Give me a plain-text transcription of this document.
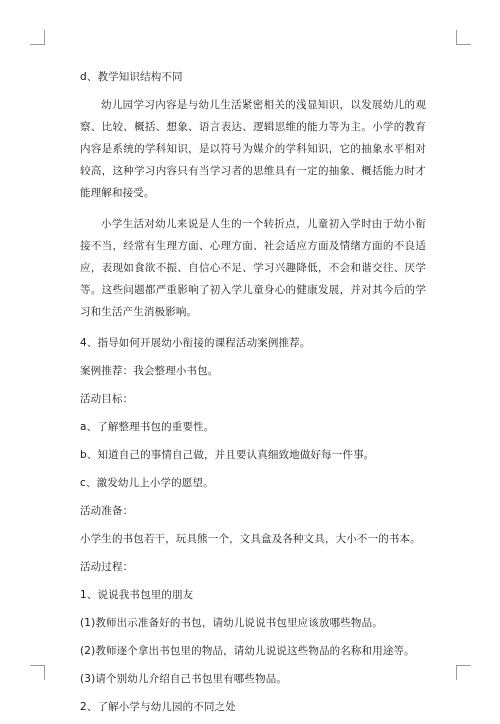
d、教学知识结构不同

幼儿园学习内容是与幼儿生活紧密相关的浅显知识，以发展幼儿的观察、比较、概括、想象、语言表达、逻辑思维的能力等为主。小学的教育内容是系统的学科知识，是以符号为媒介的学科知识，它的抽象水平相对较高，这种学习内容只有当学习者的思维具有一定的抽象、概括能力时才能理解和接受。

小学生活对幼儿来说是人生的一个转折点，儿童初入学时由于幼小衔接不当，经常有生理方面、心理方面、社会适应方面及情绪方面的不良适应，表现如食欲不振、自信心不足、学习兴趣降低，不会和谐交往、厌学等。这些问题都严重影响了初入学儿童身心的健康发展，并对其今后的学习和生活产生消极影响。

4、指导如何开展幼小衔接的课程活动案例推荐。

案例推荐：我会整理小书包。

活动目标：

a、了解整理书包的重要性。

b、知道自己的事情自己做，并且要认真细致地做好每一件事。

c、激发幼儿上小学的愿望。

活动准备：

小学生的书包若干，玩具熊一个，文具盒及各种文具，大小不一的书本。

活动过程：

1、说说我书包里的朋友

(1)教师出示准备好的书包，请幼儿说说书包里应该放哪些物品。

(2)教师逐个拿出书包里的物品，请幼儿说说这些物品的名称和用途等。

(3)请个别幼儿介绍自己书包里有哪些物品。

2、了解小学与幼儿园的不同之处
